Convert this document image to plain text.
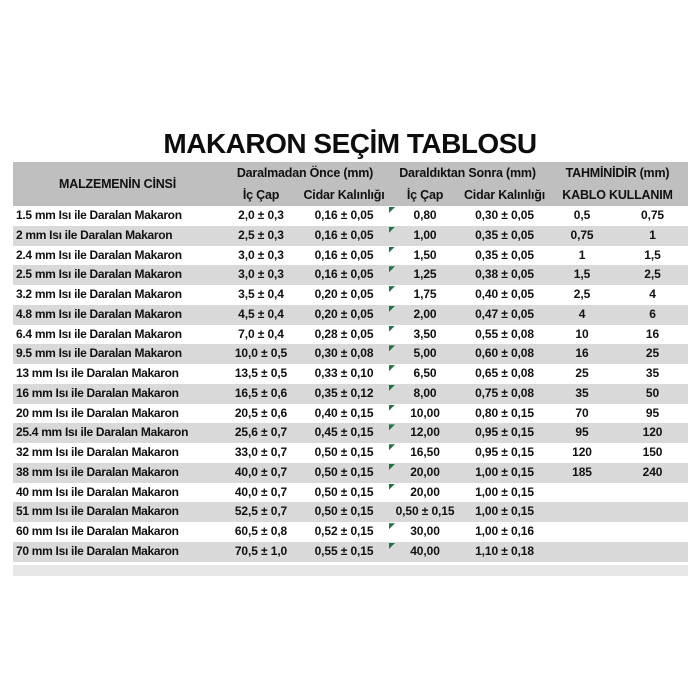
MAKARON SEÇİM TABLOSU
MALZEMENİN CİNSİ
Daralmadan Önce (mm)	Daraldıktan Sonra (mm)	TAHMİNİDİR (mm)
İç Çap	Cidar Kalınlığı	İç Çap	Cidar Kalınlığı	KABLO KULLANIM
1.5 mm Isı ile Daralan Makaron	2,0 ± 0,3	0,16 ± 0,05	0,80	0,30 ± 0,05	0,5	0,75
2 mm Isı ile Daralan Makaron	2,5 ± 0,3	0,16 ± 0,05	1,00	0,35 ± 0,05	0,75	1
2.4 mm Isı ile Daralan Makaron	3,0 ± 0,3	0,16 ± 0,05	1,50	0,35 ± 0,05	1	1,5
2.5 mm Isı ile Daralan Makaron	3,0 ± 0,3	0,16 ± 0,05	1,25	0,38 ± 0,05	1,5	2,5
3.2 mm Isı ile Daralan Makaron	3,5 ± 0,4	0,20 ± 0,05	1,75	0,40 ± 0,05	2,5	4
4.8 mm Isı ile Daralan Makaron	4,5 ± 0,4	0,20 ± 0,05	2,00	0,47 ± 0,05	4	6
6.4 mm Isı ile Daralan Makaron	7,0 ± 0,4	0,28 ± 0,05	3,50	0,55 ± 0,08	10	16
9.5 mm Isı ile Daralan Makaron	10,0 ± 0,5	0,30 ± 0,08	5,00	0,60 ± 0,08	16	25
13 mm Isı ile Daralan Makaron	13,5 ± 0,5	0,33 ± 0,10	6,50	0,65 ± 0,08	25	35
16 mm Isı ile Daralan Makaron	16,5 ± 0,6	0,35 ± 0,12	8,00	0,75 ± 0,08	35	50
20 mm Isı ile Daralan Makaron	20,5 ± 0,6	0,40 ± 0,15	10,00	0,80 ± 0,15	70	95
25.4 mm Isı ile Daralan Makaron	25,6 ± 0,7	0,45 ± 0,15	12,00	0,95 ± 0,15	95	120
32 mm Isı ile Daralan Makaron	33,0 ± 0,7	0,50 ± 0,15	16,50	0,95 ± 0,15	120	150
38 mm Isı ile Daralan Makaron	40,0 ± 0,7	0,50 ± 0,15	20,00	1,00 ± 0,15	185	240
40 mm Isı ile Daralan Makaron	40,0 ± 0,7	0,50 ± 0,15	20,00	1,00 ± 0,15
51 mm Isı ile Daralan Makaron	52,5 ± 0,7	0,50 ± 0,15	0,50 ± 0,15	1,00 ± 0,15
60 mm Isı ile Daralan Makaron	60,5 ± 0,8	0,52 ± 0,15	30,00	1,00 ± 0,16
70 mm Isı ile Daralan Makaron	70,5 ± 1,0	0,55 ± 0,15	40,00	1,10 ± 0,18
